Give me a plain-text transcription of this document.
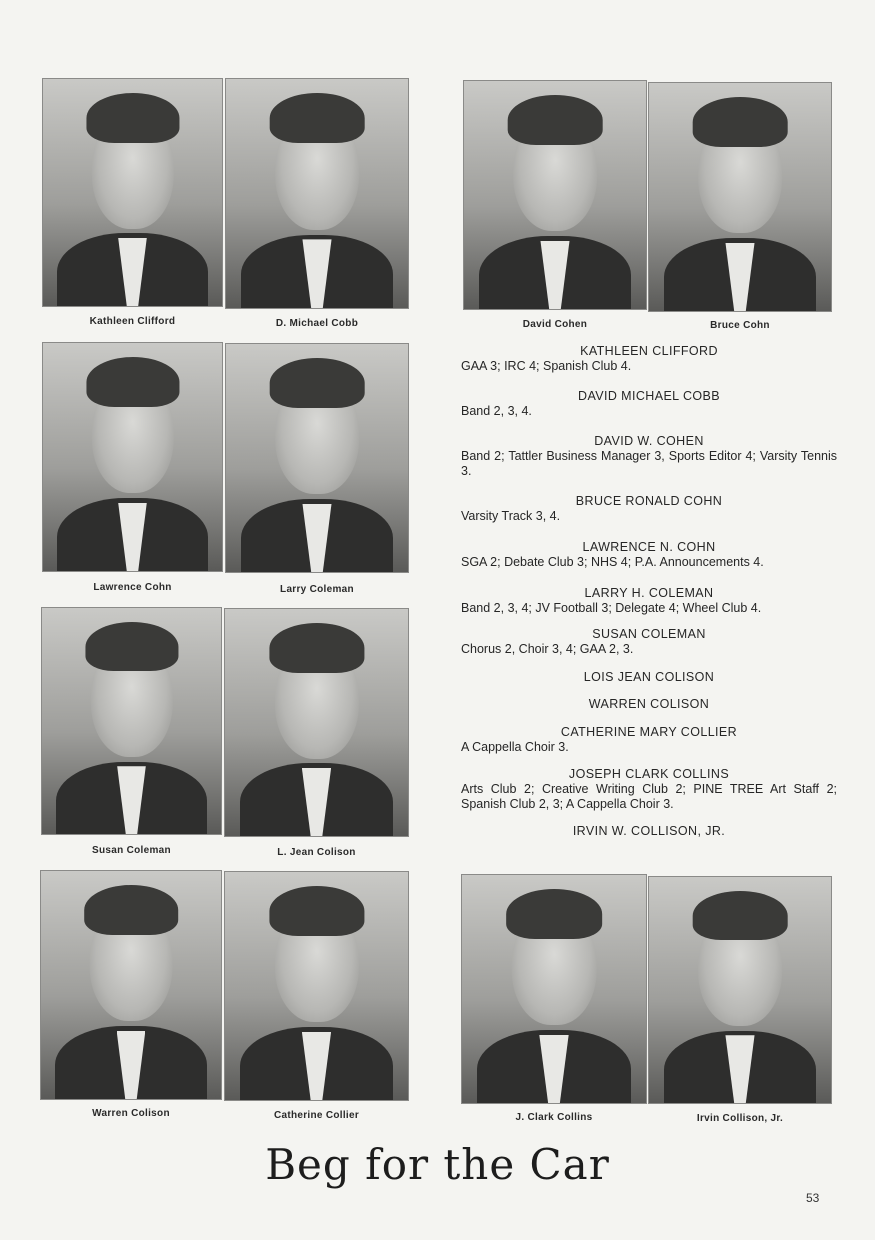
Kathleen Clifford	D. Michael Cobb	David Cohen	Bruce Cohn
Lawrence Cohn	Larry Coleman
Susan Coleman	L. Jean Colison
Warren Colison	Catherine Collier	J. Clark Collins	Irvin Collison, Jr.
KATHLEEN CLIFFORD
GAA 3; IRC 4; Spanish Club 4.
DAVID MICHAEL COBB
Band 2, 3, 4.
DAVID W. COHEN
Band 2; Tattler Business Manager 3, Sports Editor 4; Varsity Tennis 3.
BRUCE RONALD COHN
Varsity Track 3, 4.
LAWRENCE N. COHN
SGA 2; Debate Club 3; NHS 4; P.A. Announcements 4.
LARRY H. COLEMAN
Band 2, 3, 4; JV Football 3; Delegate 4; Wheel Club 4.
SUSAN COLEMAN
Chorus 2, Choir 3, 4; GAA 2, 3.
LOIS JEAN COLISON
WARREN COLISON
CATHERINE MARY COLLIER
A Cappella Choir 3.
JOSEPH CLARK COLLINS
Arts Club 2; Creative Writing Club 2; PINE TREE Art Staff 2; Spanish Club 2, 3; A Cappella Choir 3.
IRVIN W. COLLISON, JR.
Beg for the Car
53
